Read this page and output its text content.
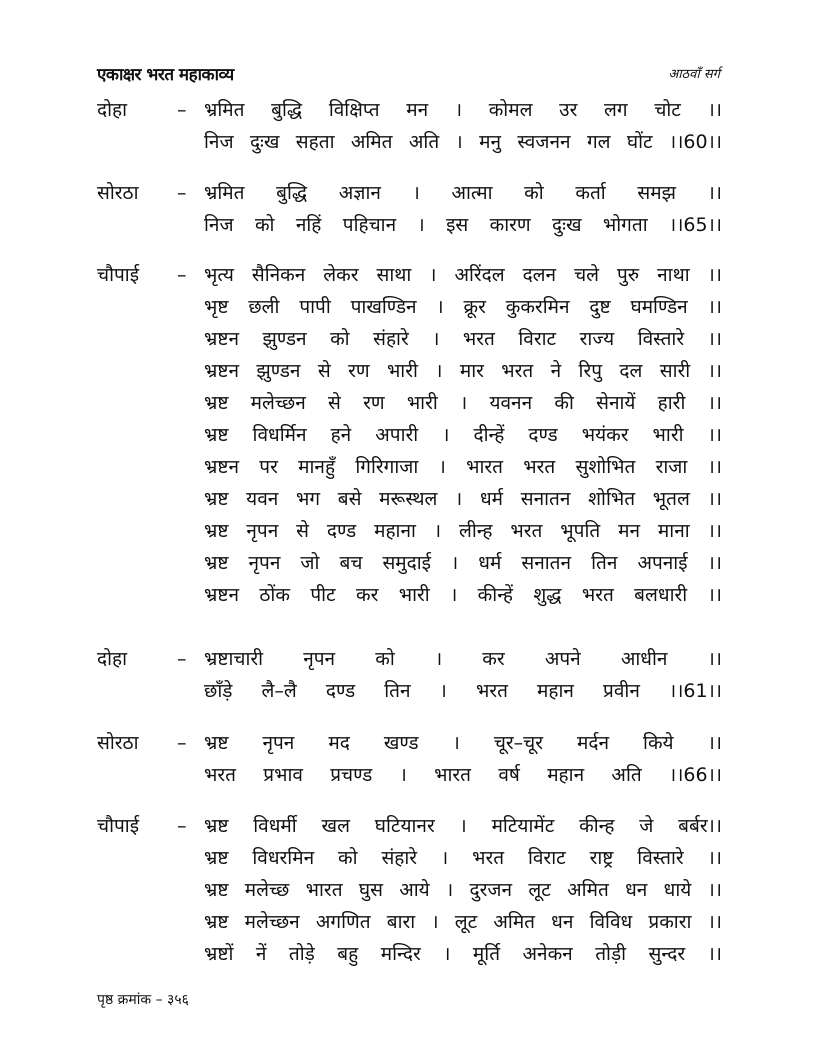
एकाक्षर भरत महाकाव्य	आठवाँ सर्ग
दोहा	– भ्रमित बुद्धि विक्षिप्त मन । कोमल उर लग चोट ।।
निज दुःख सहता अमित अति । मनु स्वजनन गल घोंट ।।60।।
सोरठा – भ्रमित बुद्धि अज्ञान । आत्मा को कर्ता समझ ।।
निज को नहिं पहिचान । इस कारण दुःख भोगता ।।65।।
चौपाई – भृत्य सैनिकन लेकर साथा । अरिंदल दलन चले पुरु नाथा ।।
भृष्ट छली पापी पाखण्डिन । क्रूर कुकरमिन दुष्ट घमण्डिन ।।
भ्रष्टन झुण्डन को संहारे । भरत विराट राज्य विस्तारे ।।
भ्रष्टन झुण्डन से रण भारी । मार भरत ने रिपु दल सारी ।।
भ्रष्ट मलेच्छन से रण भारी । यवनन की सेनायें हारी ।।
भ्रष्ट विधर्मिन हने अपारी । दीन्हें दण्ड भयंकर भारी ।।
भ्रष्टन पर मानहुँ गिरिगाजा । भारत भरत सुशोभित राजा ।।
भ्रष्ट यवन भग बसे मरूस्थल । धर्म सनातन शोभित भूतल ।।
भ्रष्ट नृपन से दण्ड महाना । लीन्ह भरत भूपति मन माना ।।
भ्रष्ट नृपन जो बच समुदाई । धर्म सनातन तिन अपनाई ।।
भ्रष्टन ठोंक पीट कर भारी । कीन्हें शुद्ध भरत बलधारी ।।
दोहा	– भ्रष्टाचारी नृपन को । कर अपने आधीन ।।
छाँड़े लै–लै दण्ड तिन । भरत महान प्रवीन ।।61।।
सोरठा – भ्रष्ट नृपन मद खण्ड । चूर–चूर मर्दन किये ।।
भरत प्रभाव प्रचण्ड । भारत वर्ष महान अति ।।66।।
चौपाई – भ्रष्ट विधर्मी खल घटियानर । मटियामेंट कीन्ह जे बर्बर।।
भ्रष्ट विधरमिन को संहारे । भरत विराट राष्ट्र विस्तारे ।।
भ्रष्ट मलेच्छ भारत घुस आये । दुरजन लूट अमित धन धाये ।।
भ्रष्ट मलेच्छन अगणित बारा । लूट अमित धन विविध प्रकारा ।।
भ्रष्टों नें तोड़े बहु मन्दिर । मूर्ति अनेकन तोड़ी सुन्दर ।।
पृष्ठ क्रमांक – ३५६
